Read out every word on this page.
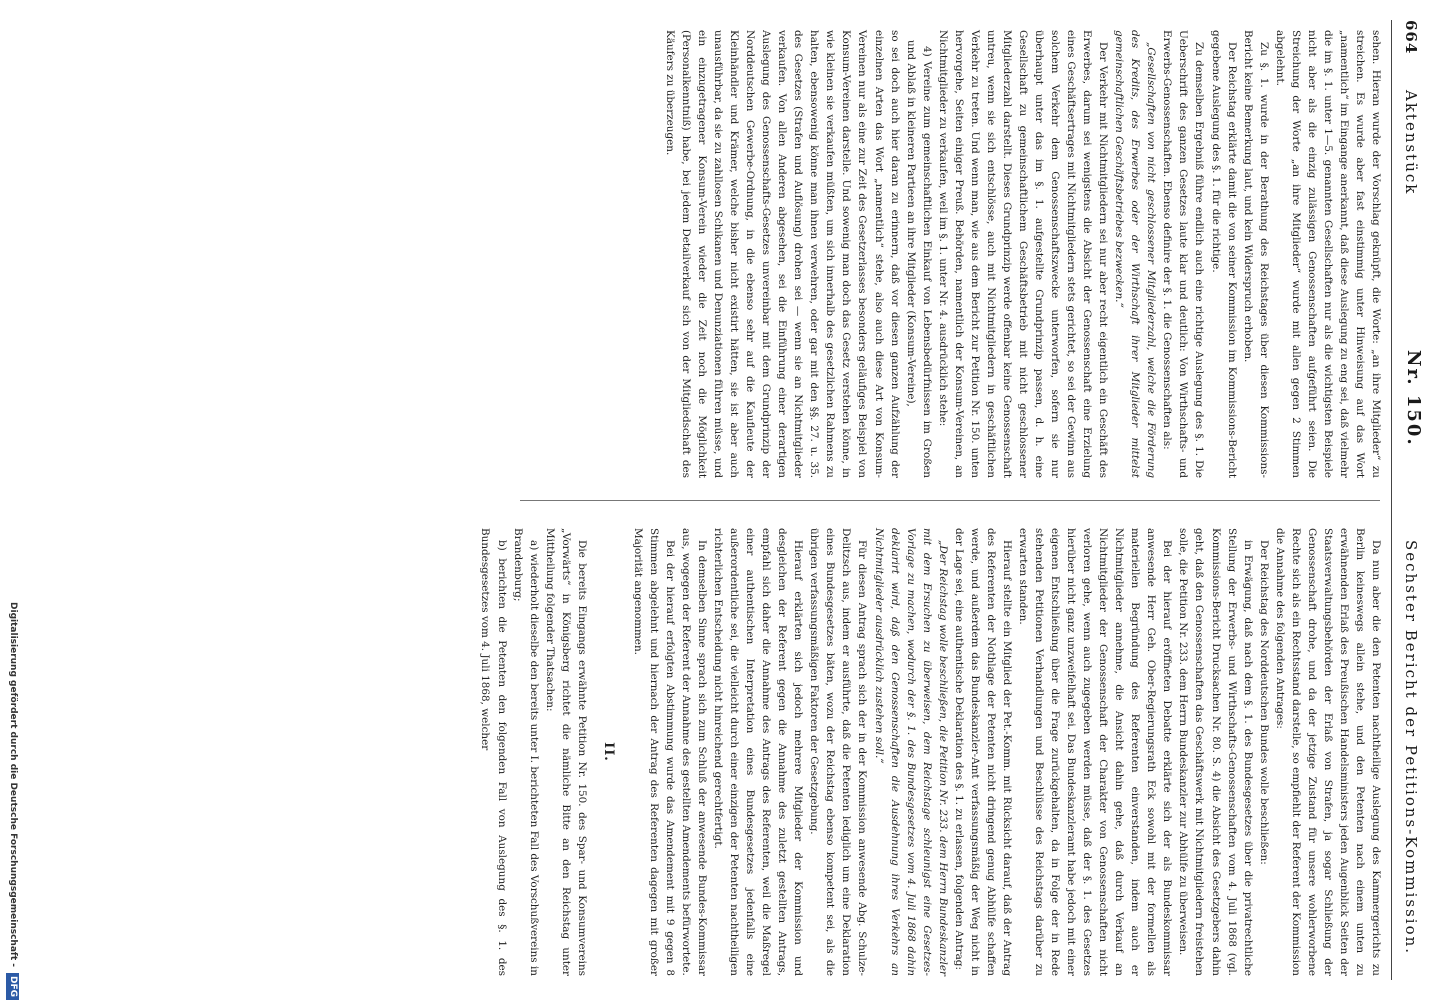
664
Aktenstück
Nr. 150.
Sechster Bericht der Petitions-Kommission.

sehen. Hieran wurde der Vorschlag geknüpft, die Worte: „an ihre Mitglieder“ zu streichen. Es wurde aber fast einstimmig unter Hinweisung auf das Wort „namentlich“ im Eingange anerkannt, daß diese Auslegung zu eng sei, daß vielmehr die im §. 1. unter 1—5. genannten Gesellschaften nur als die wichtigsten Beispiele nicht aber als die einzig zulässigen Genossenschaften aufgeführt seien. Die Streichung der Worte „an ihre Mitglieder“ wurde mit allen gegen 2 Stimmen abgelehnt.

Zu §. 1. wurde in der Berathung des Reichstages über diesen Kommissions-Bericht keine Bemerkung laut, und kein Widerspruch erhoben.

Der Reichstag erklärte damit die von seiner Kommission im Kommissions-Bericht gegebene Auslegung des §. 1. für die richtige.

Zu demselben Ergebniß führe endlich auch eine richtige Auslegung des §. 1. Die Ueberschrift des ganzen Gesetzes laute klar und deutlich: Von Wirthschafts- und Erwerbs-Genossenschaften. Ebenso definire der §. 1. die Genossenschaften als:

„Gesellschaften von nicht geschlossener Mitgliederzahl, welche die Förderung des Kredits, des Erwerbes oder der Wirthschaft ihrer Mitglieder mittelst gemeinschaftlichen Geschäftsbetriebes bezwecken.“

Der Verkehr mit Nichtmitgliedern sei nur aber recht eigentlich ein Geschäft des Erwerbes, darum sei wenigstens die Absicht der Genossenschaft eine Erzielung eines Geschäftsertrages mit Nichtmitgliedern stets gerichtet, so sei der Gewinn aus solchem Verkehr dem Genossenschaftszwecke unterworfen, sofern sie nur überhaupt unter das im §. 1. aufgestellte Grundprinzip passen, d. h. eine Gesellschaft zu gemeinschaftlichem Geschäftsbetrieb mit nicht geschlossener Mitgliederzahl darstellt. Dieses Grundprinzip werde offenbar keine Genossenschaft untreu, wenn sie sich entschlösse, auch mit Nichtmitgliedern in geschäftlichen Verkehr zu treten. Und wenn man, wie aus dem Bericht zur Petition Nr. 150. unten hervorgehe, Seiten einiger Preuß. Behörden, namentlich der Konsum-Vereinen, an Nichtmitglieder zu verkaufen, weil im §. 1. unter Nr. 4. ausdrücklich stehe:

4) Vereine zum gemeinschaftlichen Einkauf von Lebensbedürfnissen im Großen und Ablaß in kleineren Partieen an ihre Mitglieder (Konsum-Vereine),

so sei doch auch hier daran zu erinnern, daß vor diesen ganzen Aufzählung der einzelnen Arten das Wort „namentlich“ stehe, also auch diese Art von Konsum-Vereinen nur als eine zur Zeit des Gesetzerlasses besonders geläufiges Beispiel von Konsum-Vereinen darstelle. Und sowenig man doch das Gesetz verstehen könne, in wie kleinen sie verkaufen müßten, um sich innerhalb des gesetzlichen Rahmens zu halten, ebensowenig könne man ihnen verwehren, oder gar mit den §§. 27. u. 35. des Gesetzes (Strafen und Auflösung) drohen sei — wenn sie an Nichtmitglieder verkaufen. Von allen Anderen abgesehen, sei die Einführung einer derartigen Auslegung des Genossenschafts-Gesetzes unvereinbar mit dem Grundprinzip der Norddeutschen Gewerbe-Ordnung, in die ebenso sehr auf die Kaufleute der Kleinhändler und Krämer, welche bisher nicht existirt hätten, sie ist aber auch unausführbar, da sie zu zahllosen Schikanen und Denunziationen führen müsse, und ein einzugetragener Konsum-Verein wieder die Zeit noch die Möglichkeit (Personalkenntniß) habe, bei jedem Detailverkauf sich von der Mitgliedschaft des Käufers zu überzeugen.

Da nun aber die den Petenten nachtheilige Auslegung des Kammergerichts zu Berlin keineswegs allein stehe, und den Petenten nach einem unten zu erwähnenden Erlaß des Preußischen Handelsministers jeden Augenblick Seiten der Staatsverwaltungsbehörden der Erlaß von Strafen, ja sogar Schließung der Genossenschaft drohe, und da der jetzige Zustand für unsere wohlerworbene Rechte sich als ein Rechtsstand darstelle, so empfiehlt der Referent der Kommission die Annahme des folgenden Antrages:

Der Reichstag des Norddeutschen Bundes wolle beschließen:

in Erwägung, daß nach dem §. 1. des Bundesgesetzes über die privatrechtliche Stellung der Erwerbs- und Wirthschafts-Genossenschaften vom 4. Juli 1868 (vgl. Kommissions-Bericht Drucksachen Nr. 80. S. 4) die Absicht des Gesetzgebers dahin geht, daß den Genossenschaften das Geschäftswerk mit Nichtmitgliedern freistehen solle, die Petition Nr. 233. dem Herrn Bundeskanzler zur Abhülfe zu überweisen.

Bei der hierauf eröffneten Debatte erklärte sich der als Bundeskommissar anwesende Herr Geh. Ober-Regierungsrath Eck sowohl mit der formellen als materiellen Begründung des Referenten einverstanden, indem auch er Nichtmitglieder annehme, die Ansicht dahin gehe, daß durch Verkauf an Nichtmitglieder der Genossenschaft der Charakter von Genossenschaften nicht verloren gehe, wenn auch zugegeben werden müsse, daß der §. 1. des Gesetzes hierüber nicht ganz unzweifelhaft sei. Das Bundeskanzleramt habe jedoch mit einer eigenen Entschließung über die Frage zurückgehalten, da in Folge der in Rede stehenden Petitionen Verhandlungen und Beschlüsse des Reichstags darüber zu erwarten standen.

Hierauf stellte ein Mitglied der Pet.-Komm. mit Rücksicht darauf, daß der Antrag des Referenten der Nothlage der Petenten nicht dringend genug Abhülfe schaffen werde, und außerdem das Bundeskanzler-Amt verfassungsmäßig der Weg nicht in der Lage sei, eine authentische Deklaration des §. 1. zu erlassen, folgenden Antrag:

„Der Reichstag wolle beschließen, die Petition Nr. 233. dem Herrn Bundeskanzler mit dem Ersuchen zu überweisen, dem Reichstage schleunigst eine Gesetzes-Vorlage zu machen, wodurch der §. 1. des Bundesgesetzes vom 4. Juli 1868 dahin deklarirt wird, daß den Genossenschaften die Ausdehnung ihres Verkehrs an Nichtmitglieder ausdrücklich zustehen soll.“

Für diesen Antrag sprach sich der in der Kommission anwesende Abg. Schulze-Delitzsch aus, indem er ausführte, daß die Petenten lediglich um eine Deklaration eines Bundesgesetzes bäten, wozu der Reichstag ebenso kompetent sei, als die übrigen verfassungsmäßigen Faktoren der Gesetzgebung.

Hierauf erklärten sich jedoch mehrere Mitglieder der Kommission und desgleichen der Referent gegen die Annahme des zuletzt gestellten Antrags, empfahl sich daher die Annahme des Antrags des Referenten, weil die Maßregel einer authentischen Interpretation eines Bundesgesetzes jedenfalls eine außerordentliche sei, die vielleicht durch einer einzigen der Petenten nachtheiligen richterlichen Entscheidung nicht hinreichend gerechtfertigt.

In demselben Sinne sprach sich zum Schluß der anwesende Bundes-Kommissar aus, wogegen der Referent der Annahme des gestellten Amendements befürwortete.

Bei der hierauf erfolgten Abstimmung wurde das Amendement mit 9 gegen 8 Stimmen abgelehnt und hiernach der Antrag des Referenten dagegen mit großer Majorität angenommen.

II.

Die bereits Eingangs erwähnte Petition Nr. 150. des Spar- und Konsumvereins „Vorwärts“ in Königsberg richtet die nämliche Bitte an den Reichstag unter Mittheilung folgender Thatsachen:

a) wiederholt dieselbe den bereits unter I. berichteten Fall des Vorschußvereins in Brandenburg;

b) berichten die Petenten den folgenden Fall von Auslegung des §. 1. des Bundesgesetzes vom 4. Juli 1868, welcher

Digitalisierung gefördert durch die Deutsche Forschungsgemeinschaft -
DFG
